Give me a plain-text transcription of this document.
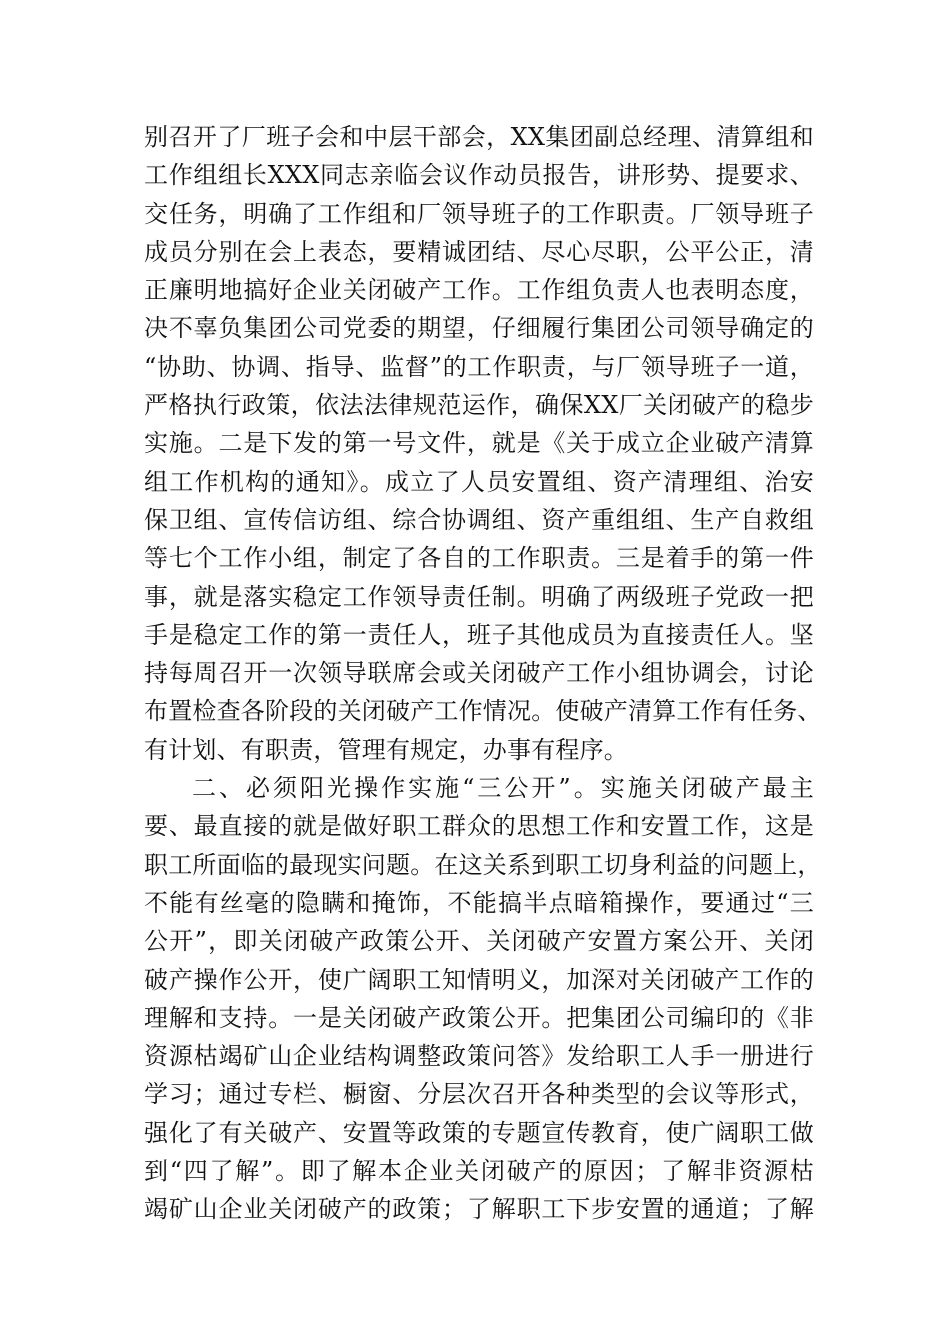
别召开了厂班子会和中层干部会，XX集团副总经理、清算组和
工作组组长XXX同志亲临会议作动员报告，讲形势、提要求、
交任务，明确了工作组和厂领导班子的工作职责。厂领导班子
成员分别在会上表态，要精诚团结、尽心尽职，公平公正，清
正廉明地搞好企业关闭破产工作。工作组负责人也表明态度，
决不辜负集团公司党委的期望，仔细履行集团公司领导确定的
“协助、协调、指导、监督”的工作职责，与厂领导班子一道，
严格执行政策，依法法律规范运作，确保XX厂关闭破产的稳步
实施。二是下发的第一号文件，就是《关于成立企业破产清算
组工作机构的通知》。成立了人员安置组、资产清理组、治安
保卫组、宣传信访组、综合协调组、资产重组组、生产自救组
等七个工作小组，制定了各自的工作职责。三是着手的第一件
事，就是落实稳定工作领导责任制。明确了两级班子党政一把
手是稳定工作的第一责任人，班子其他成员为直接责任人。坚
持每周召开一次领导联席会或关闭破产工作小组协调会，讨论
布置检查各阶段的关闭破产工作情况。使破产清算工作有任务、
有计划、有职责，管理有规定，办事有程序。
二、必须阳光操作实施“三公开”。实施关闭破产最主
要、最直接的就是做好职工群众的思想工作和安置工作，这是
职工所面临的最现实问题。在这关系到职工切身利益的问题上，
不能有丝毫的隐瞒和掩饰，不能搞半点暗箱操作，要通过“三
公开”，即关闭破产政策公开、关闭破产安置方案公开、关闭
破产操作公开，使广阔职工知情明义，加深对关闭破产工作的
理解和支持。一是关闭破产政策公开。把集团公司编印的《非
资源枯竭矿山企业结构调整政策问答》发给职工人手一册进行
学习；通过专栏、橱窗、分层次召开各种类型的会议等形式，
强化了有关破产、安置等政策的专题宣传教育，使广阔职工做
到“四了解”。即了解本企业关闭破产的原因；了解非资源枯
竭矿山企业关闭破产的政策；了解职工下步安置的通道；了解
